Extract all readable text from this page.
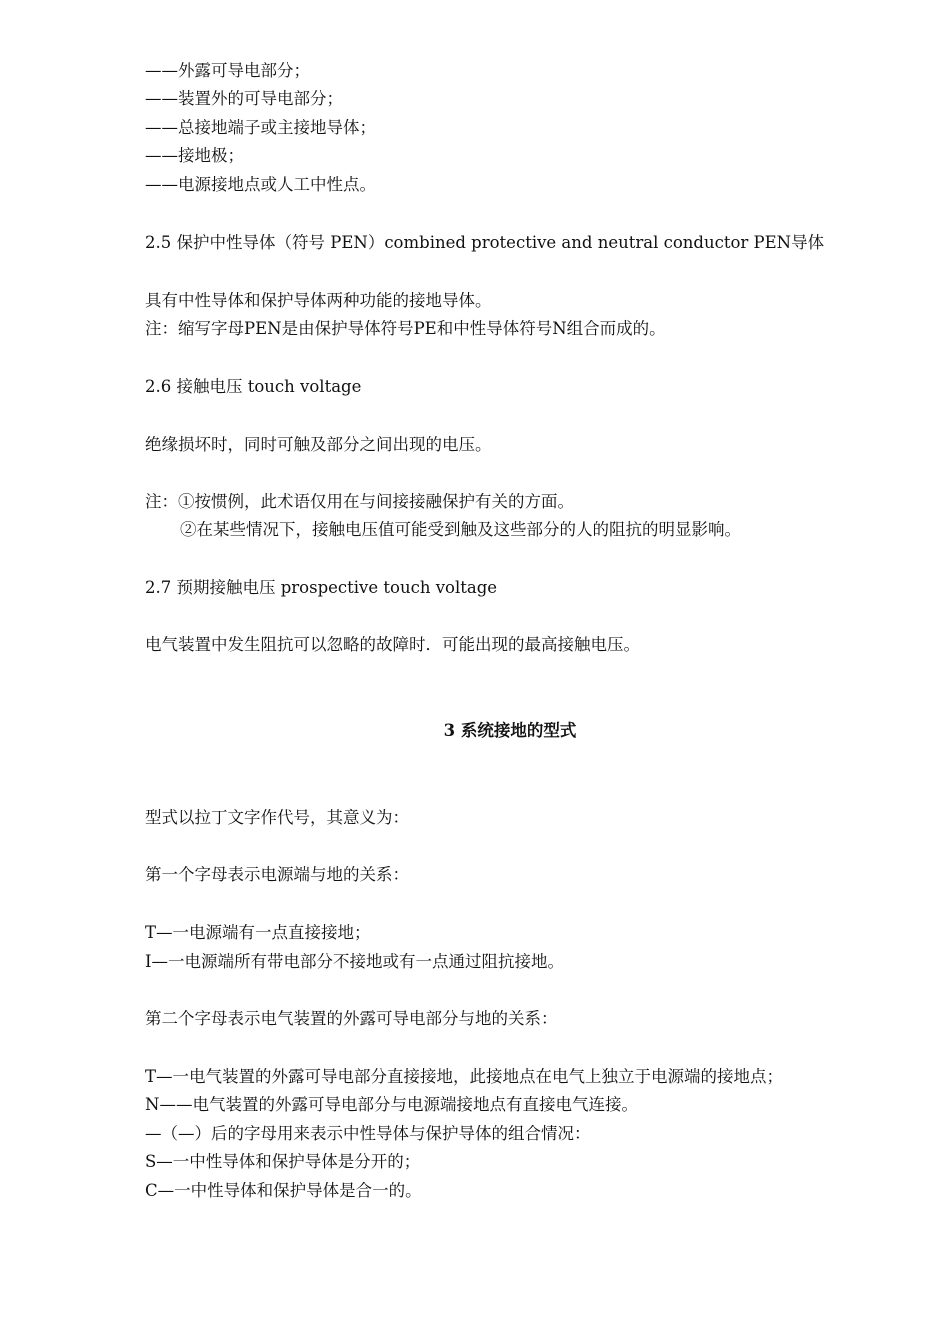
——外露可导电部分；
——装置外的可导电部分；
——总接地端子或主接地导体；
——接地极；
——电源接地点或人工中性点。
2.5 保护中性导体（符号 PEN）combined protective and neutral conductor PEN导体
具有中性导体和保护导体两种功能的接地导体。
注：缩写字母PEN是由保护导体符号PE和中性导体符号N组合而成的。
2.6 接触电压 touch voltage
绝缘损坏时，同时可触及部分之间出现的电压。
注：①按惯例，此术语仅用在与间接接融保护有关的方面。
②在某些情况下，接触电压值可能受到触及这些部分的人的阻抗的明显影响。
2.7 预期接触电压 prospective touch voltage
电气装置中发生阻抗可以忽略的故障时．可能出现的最高接触电压。
3 系统接地的型式
型式以拉丁文字作代号，其意义为：
第一个字母表示电源端与地的关系：
T—一电源端有一点直接接地；
I—一电源端所有带电部分不接地或有一点通过阻抗接地。
第二个字母表示电气装置的外露可导电部分与地的关系：
T—一电气装置的外露可导电部分直接接地，此接地点在电气上独立于电源端的接地点；
N——电气装置的外露可导电部分与电源端接地点有直接电气连接。
—（—）后的字母用来表示中性导体与保护导体的组合情况：
S—一中性导体和保护导体是分开的；
C—一中性导体和保护导体是合一的。
